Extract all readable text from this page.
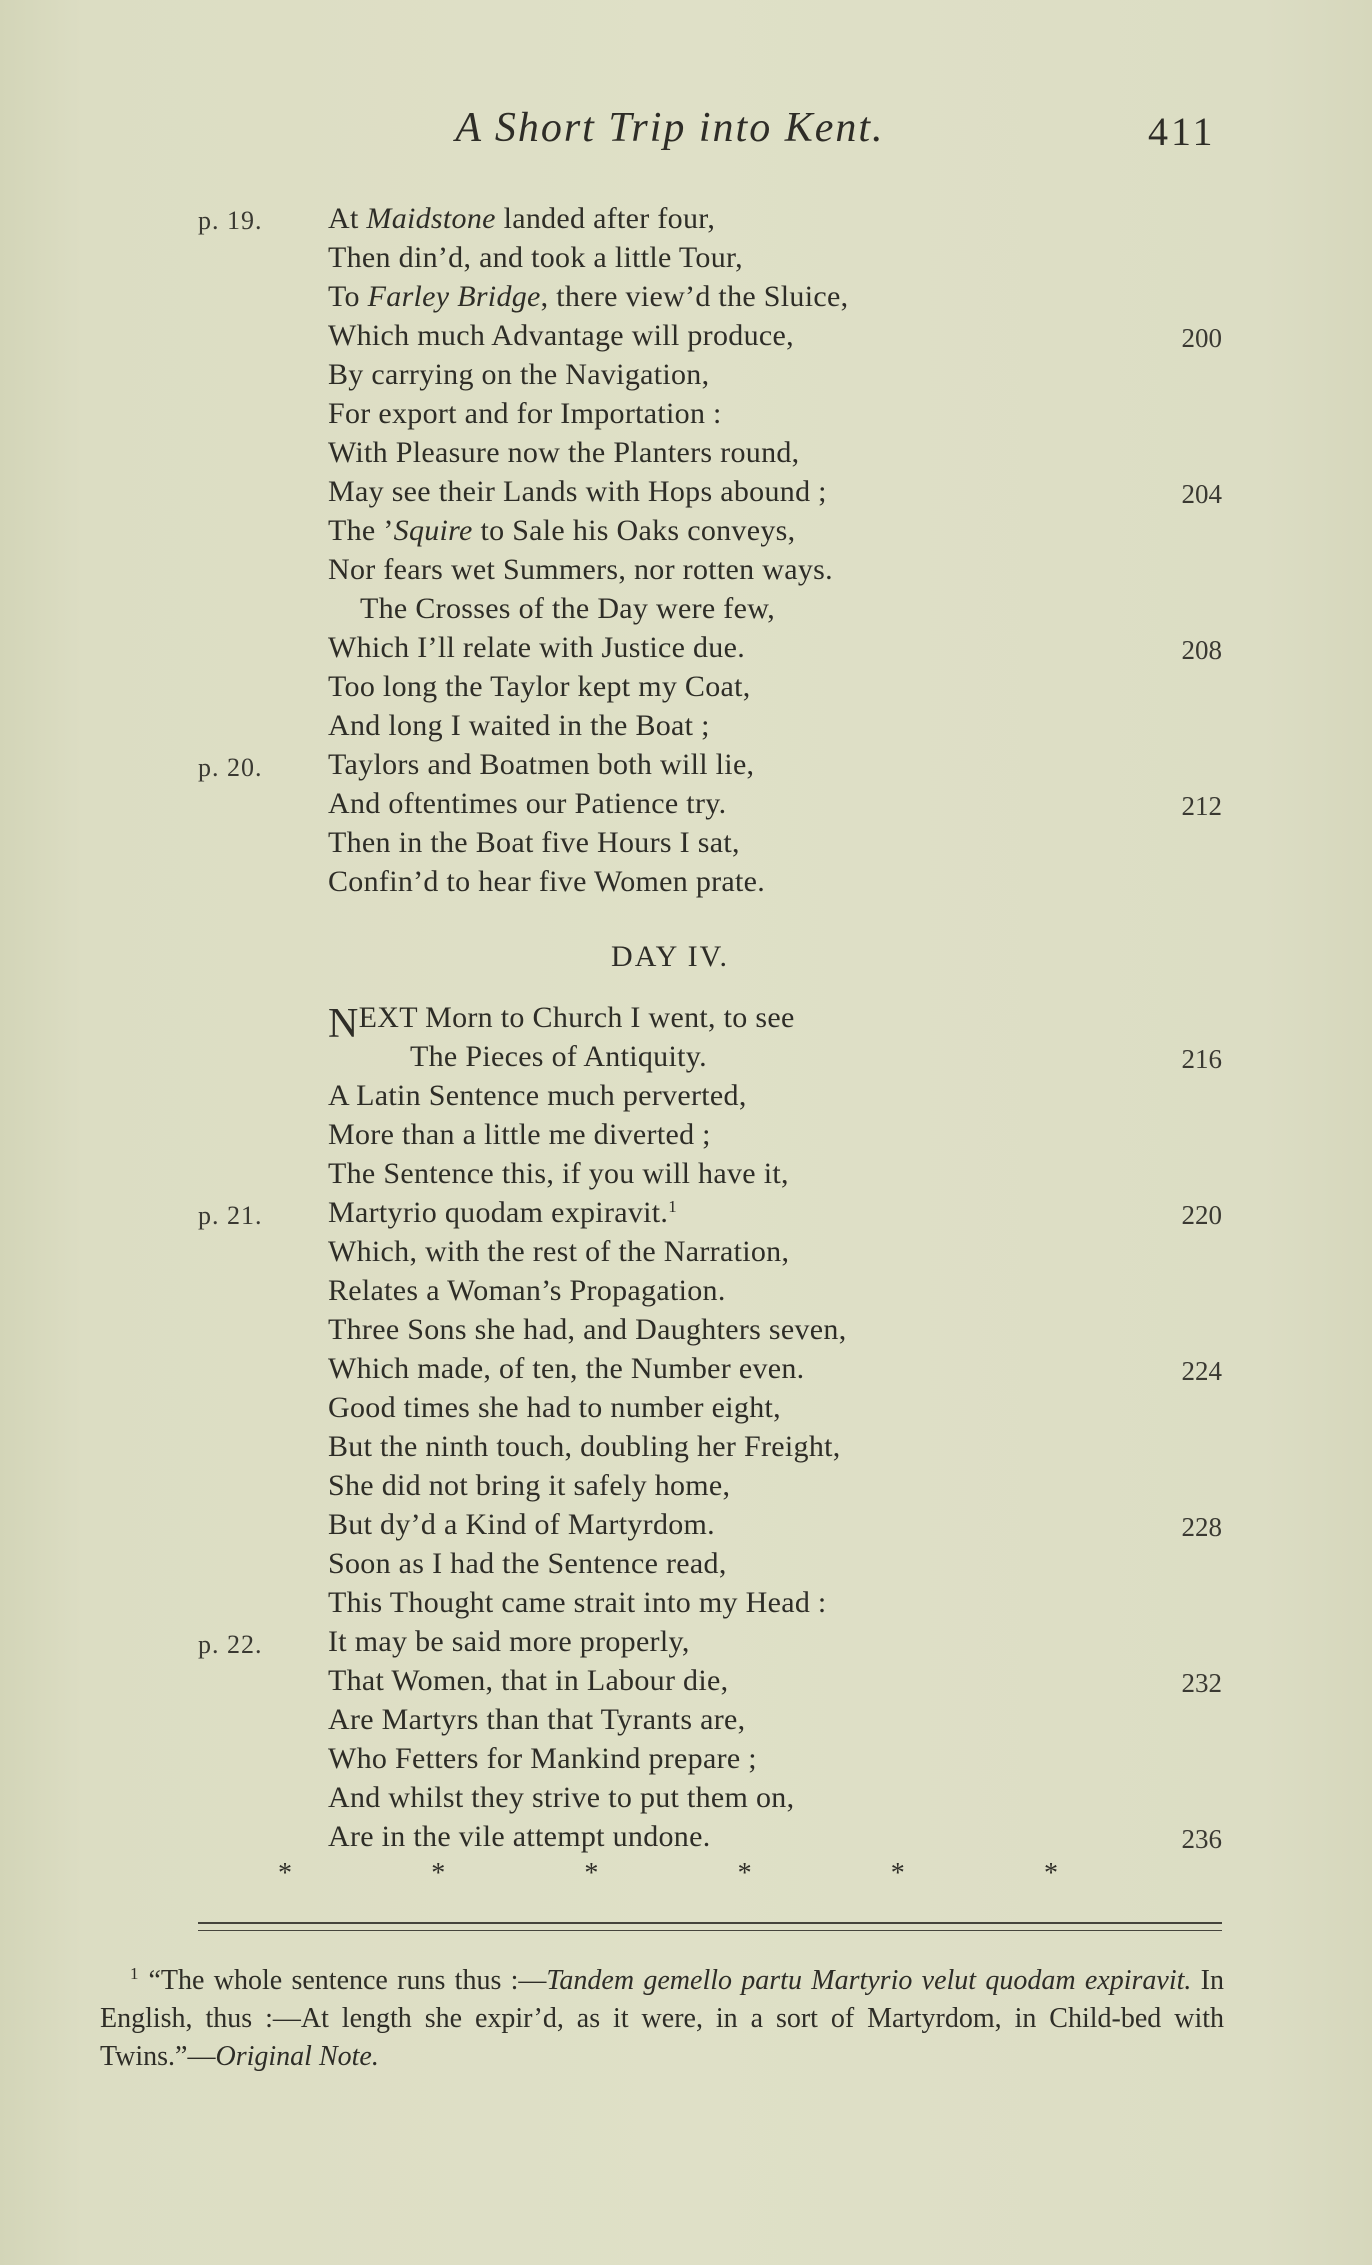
A Short Trip into Kent.	411
At Maidstone landed after four,
Then din’d, and took a little Tour,
To Farley Bridge, there view’d the Sluice,
Which much Advantage will produce,
By carrying on the Navigation,
For export and for Importation :
With Pleasure now the Planters round,
May see their Lands with Hops abound ;
The ’Squire to Sale his Oaks conveys,
Nor fears wet Summers, nor rotten ways.
The Crosses of the Day were few,
Which I’ll relate with Justice due.
Too long the Taylor kept my Coat,
And long I waited in the Boat ;
Taylors and Boatmen both will lie,
And oftentimes our Patience try.
Then in the Boat five Hours I sat,
Confin’d to hear five Women prate.
DAY IV.
NEXT Morn to Church I went, to see
The Pieces of Antiquity.
A Latin Sentence much perverted,
More than a little me diverted ;
The Sentence this, if you will have it,
Martyrio quodam expiravit.$^1$
Which, with the rest of the Narration,
Relates a Woman’s Propagation.
Three Sons she had, and Daughters seven,
Which made, of ten, the Number even.
Good times she had to number eight,
But the ninth touch, doubling her Freight,
She did not bring it safely home,
But dy’d a Kind of Martyrdom.
Soon as I had the Sentence read,
This Thought came strait into my Head :
It may be said more properly,
That Women, that in Labour die,
Are Martyrs than that Tyrants are,
Who Fetters for Mankind prepare ;
And whilst they strive to put them on,
Are in the vile attempt undone.
p. 19.
p. 20.
p. 21.
p. 22.
200
204
208
212
216
220
224
228
232
236
*	*	*	*	*	*
$^1$ “The whole sentence runs thus :—Tandem gemello partu Martyrio velut quodam expiravit. In English, thus :—At length she expir’d, as it were, in a sort of Martyrdom, in Child-bed with Twins.”—Original Note.
